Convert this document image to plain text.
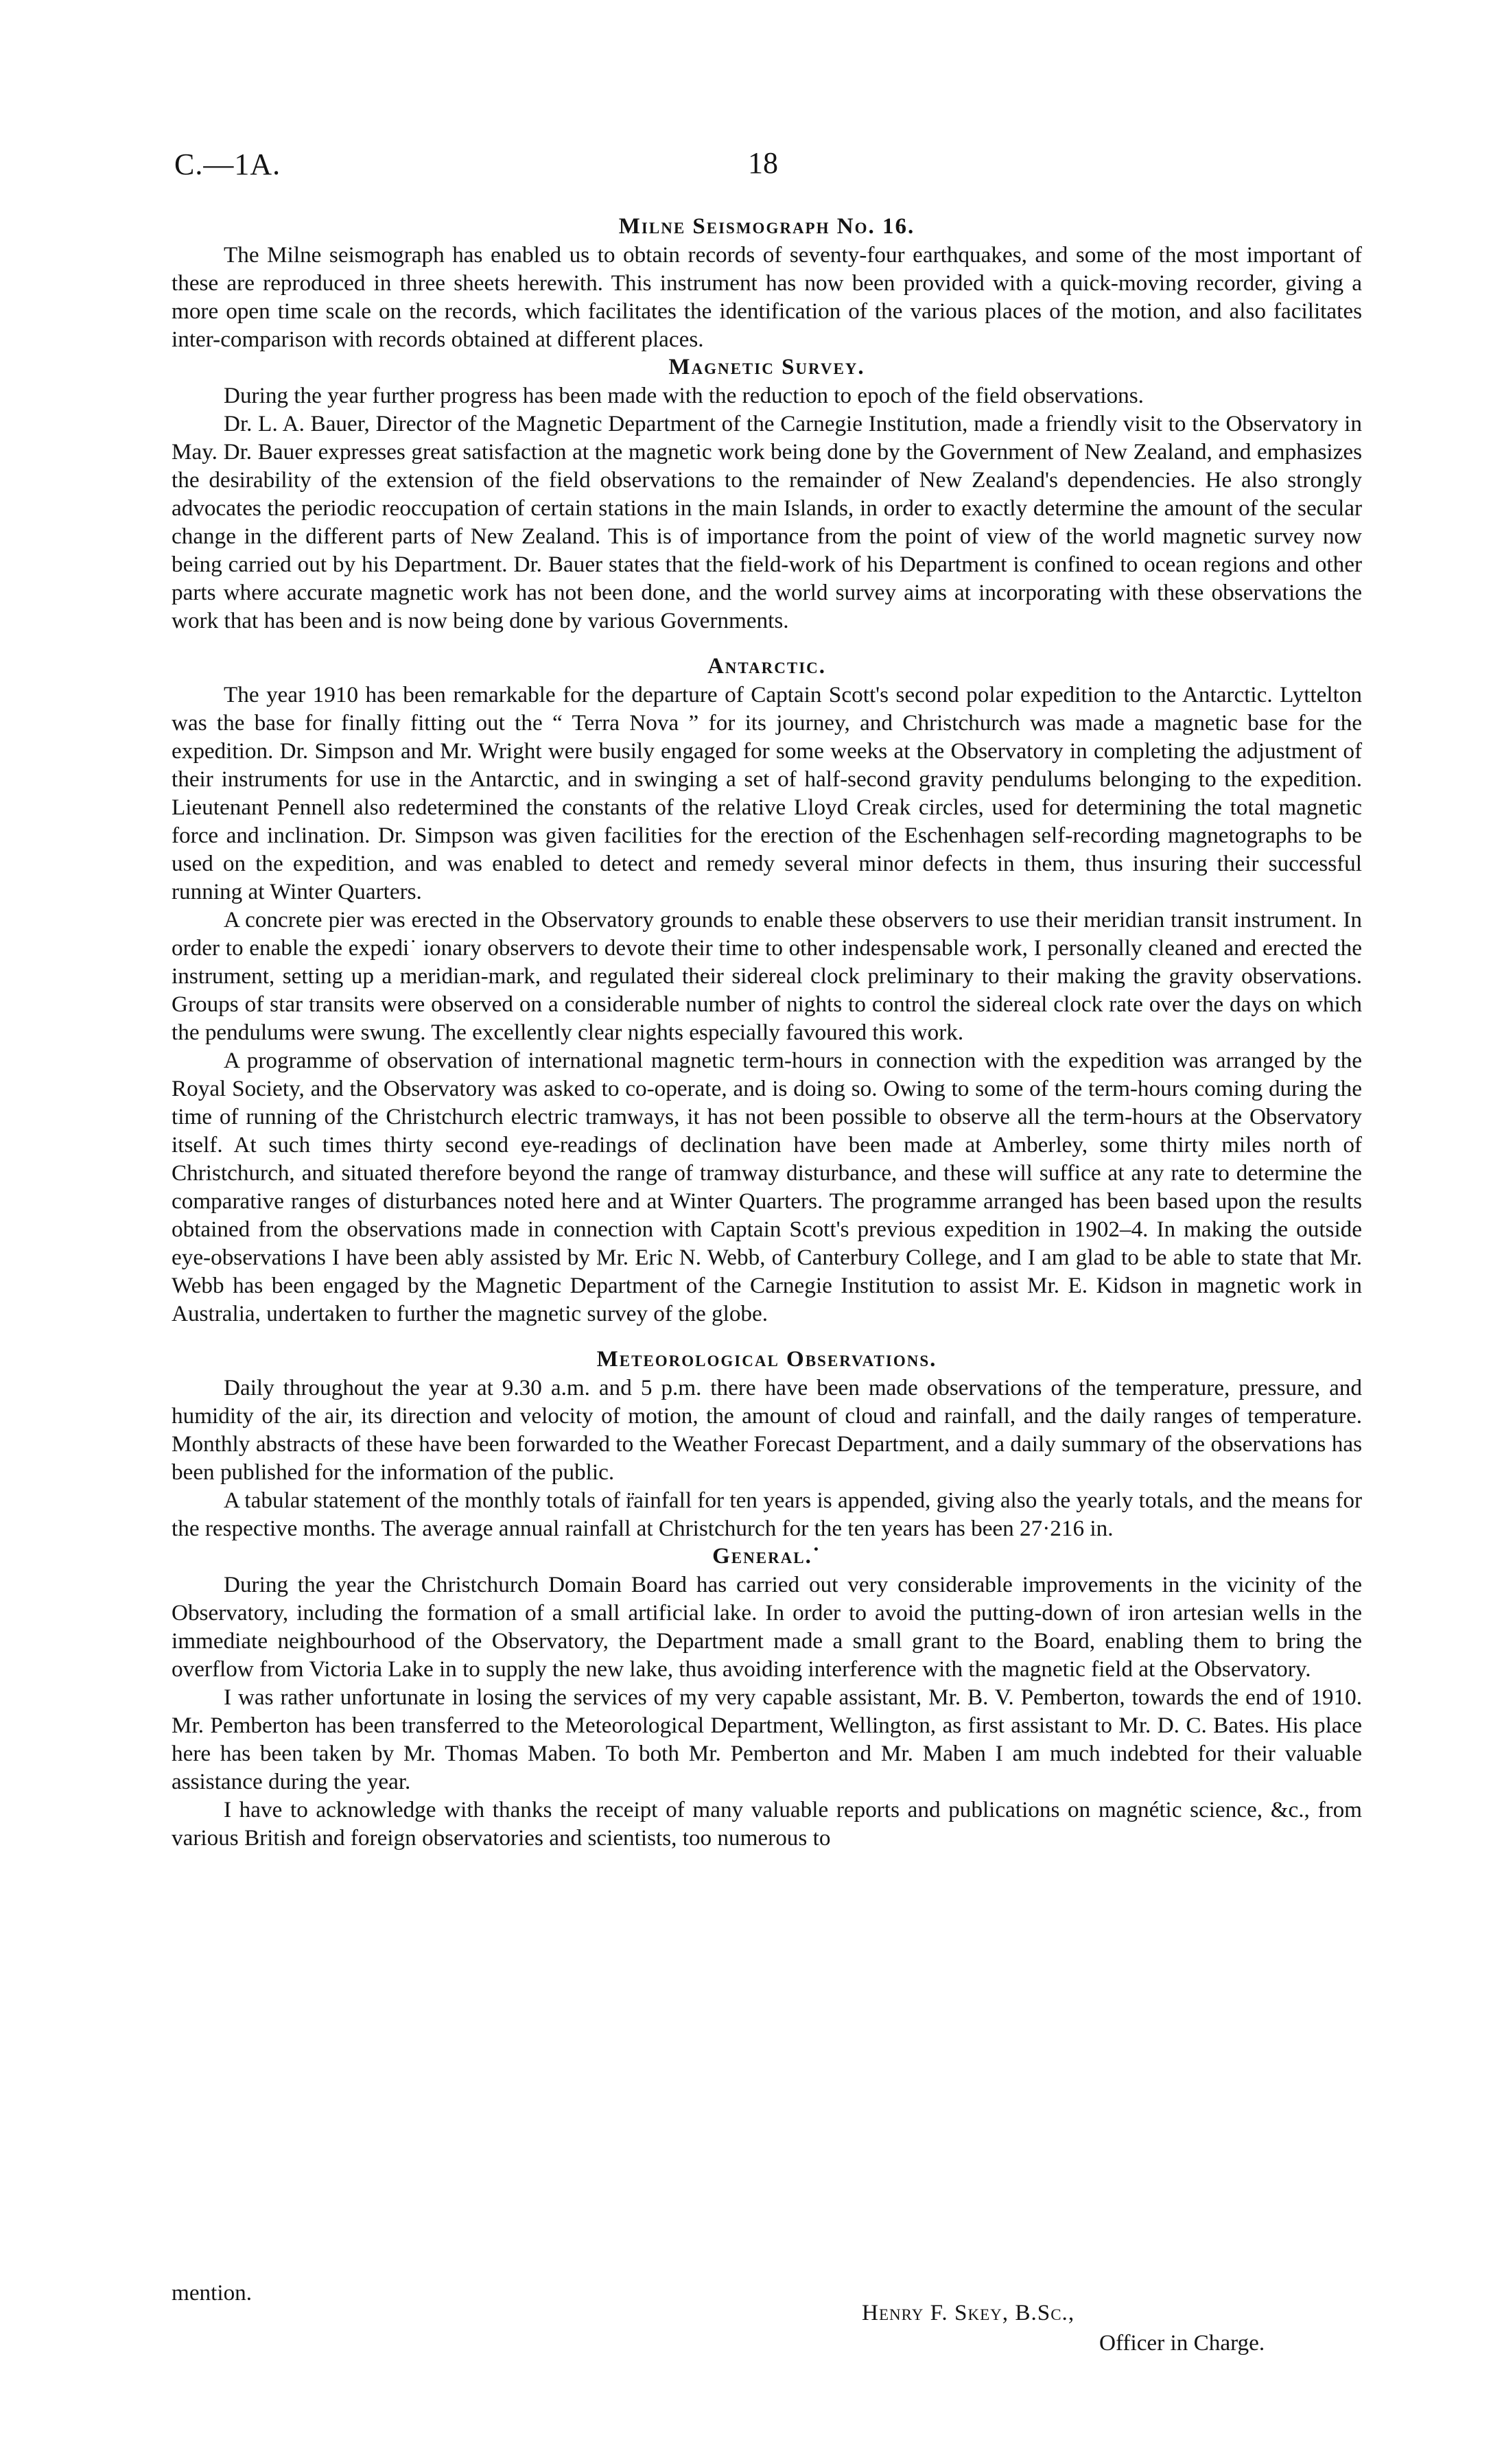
C.—1A.	18
Milne Seismograph No. 16.

The Milne seismograph has enabled us to obtain records of seventy-four earthquakes, and some of the most important of these are reproduced in three sheets herewith. This instrument has now been provided with a quick-moving recorder, giving a more open time scale on the records, which facilitates the identification of the various places of the motion, and also facilitates inter-comparison with records obtained at different places.

Magnetic Survey.

During the year further progress has been made with the reduction to epoch of the field observations.

Dr. L. A. Bauer, Director of the Magnetic Department of the Carnegie Institution, made a friendly visit to the Observatory in May. Dr. Bauer expresses great satisfaction at the magnetic work being done by the Government of New Zealand, and emphasizes the desirability of the extension of the field observations to the remainder of New Zealand's dependencies. He also strongly advocates the periodic reoccupation of certain stations in the main Islands, in order to exactly determine the amount of the secular change in the different parts of New Zealand. This is of importance from the point of view of the world magnetic survey now being carried out by his Department. Dr. Bauer states that the field-work of his Department is confined to ocean regions and other parts where accurate magnetic work has not been done, and the world survey aims at incorporating with these observations the work that has been and is now being done by various Governments.

Antarctic.

The year 1910 has been remarkable for the departure of Captain Scott's second polar expedition to the Antarctic. Lyttelton was the base for finally fitting out the “ Terra Nova ” for its journey, and Christchurch was made a magnetic base for the expedition. Dr. Simpson and Mr. Wright were busily engaged for some weeks at the Observatory in completing the adjustment of their instruments for use in the Antarctic, and in swinging a set of half-second gravity pendulums belonging to the expedition. Lieutenant Pennell also redetermined the constants of the relative Lloyd Creak circles, used for determining the total magnetic force and inclination. Dr. Simpson was given facilities for the erection of the Eschenhagen self-recording magnetographs to be used on the expedition, and was enabled to detect and remedy several minor defects in them, thus insuring their successful running at Winter Quarters.

A concrete pier was erected in the Observatory grounds to enable these observers to use their meridian transit instrument. In order to enable the expedi˙ ionary observers to devote their time to other indespensable work, I personally cleaned and erected the instrument, setting up a meridian-mark, and regulated their sidereal clock preliminary to their making the gravity observations. Groups of star transits were observed on a considerable number of nights to control the sidereal clock rate over the days on which the pendulums were swung. The excellently clear nights especially favoured this work.

A programme of observation of international magnetic term-hours in connection with the expedition was arranged by the Royal Society, and the Observatory was asked to co-operate, and is doing so. Owing to some of the term-hours coming during the time of running of the Christchurch electric tramways, it has not been possible to observe all the term-hours at the Observatory itself. At such times thirty second eye-readings of declination have been made at Amberley, some thirty miles north of Christchurch, and situated therefore beyond the range of tramway disturbance, and these will suffice at any rate to determine the comparative ranges of disturbances noted here and at Winter Quarters. The programme arranged has been based upon the results obtained from the observations made in connection with Captain Scott's previous expedition in 1902–4. In making the outside eye-observations I have been ably assisted by Mr. Eric N. Webb, of Canterbury College, and I am glad to be able to state that Mr. Webb has been engaged by the Magnetic Department of the Carnegie Institution to assist Mr. E. Kidson in magnetic work in Australia, undertaken to further the magnetic survey of the globe.

Meteorological Observations.

Daily throughout the year at 9.30 a.m. and 5 p.m. there have been made observations of the temperature, pressure, and humidity of the air, its direction and velocity of motion, the amount of cloud and rainfall, and the daily ranges of temperature. Monthly abstracts of these have been forwarded to the Weather Forecast Department, and a daily summary of the observations has been published for the information of the public.

A tabular statement of the monthly totals of r̈ainfall for ten years is appended, giving also the yearly totals, and the means for the respective months. The average annual rainfall at Christchurch for the ten years has been 27·216 in.

General.˙

During the year the Christchurch Domain Board has carried out very considerable improvements in the vicinity of the Observatory, including the formation of a small artificial lake. In order to avoid the putting-down of iron artesian wells in the immediate neighbourhood of the Observatory, the Department made a small grant to the Board, enabling them to bring the overflow from Victoria Lake in to supply the new lake, thus avoiding interference with the magnetic field at the Observatory.

I was rather unfortunate in losing the services of my very capable assistant, Mr. B. V. Pemberton, towards the end of 1910. Mr. Pemberton has been transferred to the Meteorological Department, Wellington, as first assistant to Mr. D. C. Bates. His place here has been taken by Mr. Thomas Maben. To both Mr. Pemberton and Mr. Maben I am much indebted for their valuable assistance during the year.

I have to acknowledge with thanks the receipt of many valuable reports and publications on magnétic science, &c., from various British and foreign observatories and scientists, too numerous to

mention.
Henry F. Skey, B.Sc.,
Officer in Charge.
